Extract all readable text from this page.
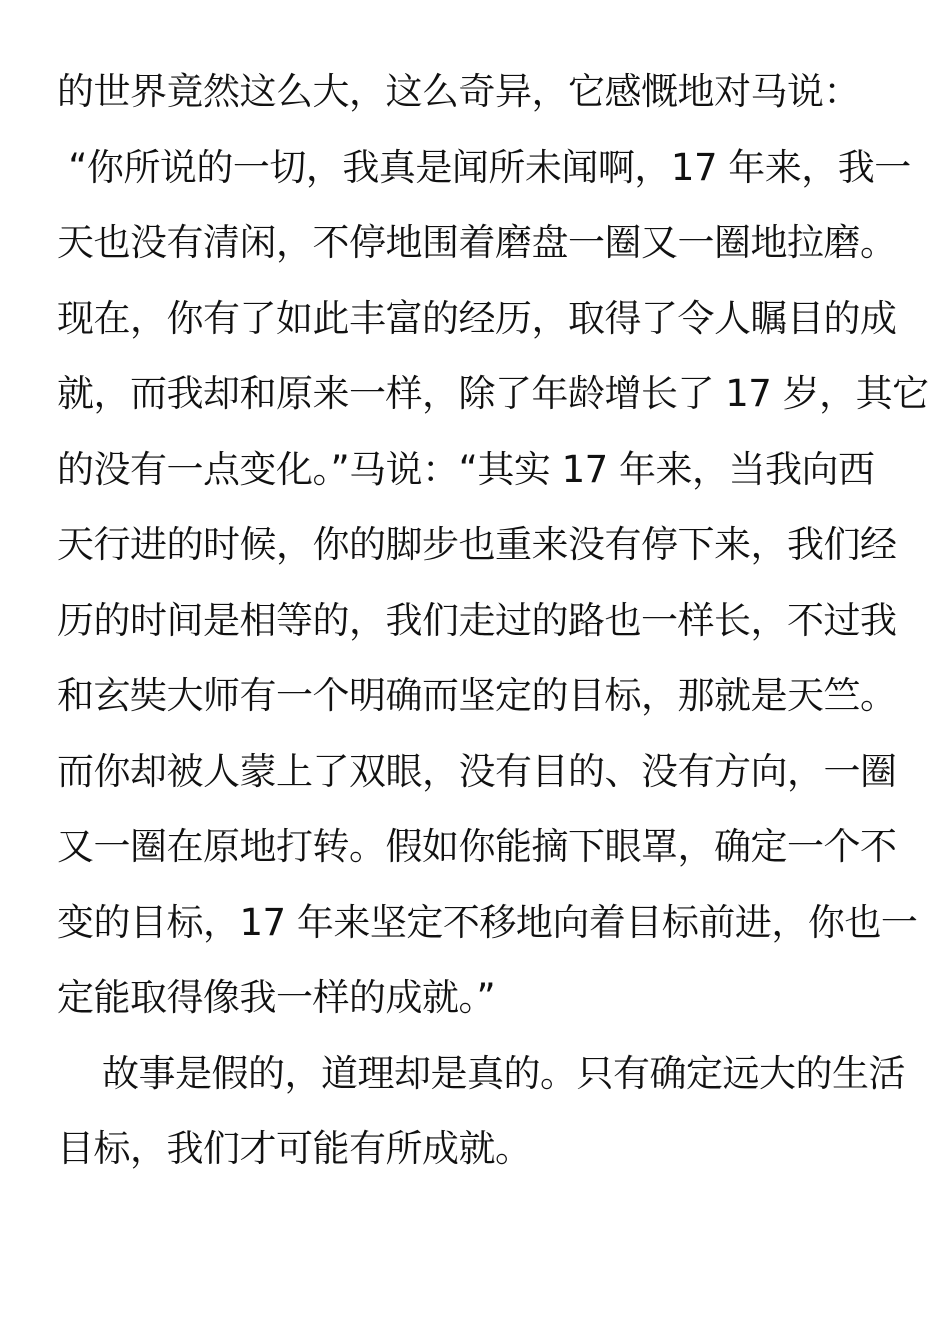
的世界竟然这么大，这么奇异，它感慨地对马说：
“你所说的一切，我真是闻所未闻啊，17 年来，我一
天也没有清闲，不停地围着磨盘一圈又一圈地拉磨。
现在，你有了如此丰富的经历，取得了令人瞩目的成
就，而我却和原来一样，除了年龄增长了 17 岁，其它
的没有一点变化。”马说：“其实 17 年来，当我向西
天行进的时候，你的脚步也重来没有停下来，我们经
历的时间是相等的，我们走过的路也一样长，不过我
和玄奘大师有一个明确而坚定的目标，那就是天竺。
而你却被人蒙上了双眼，没有目的、没有方向，一圈
又一圈在原地打转。假如你能摘下眼罩，确定一个不
变的目标，17 年来坚定不移地向着目标前进，你也一
定能取得像我一样的成就。”
故事是假的，道理却是真的。只有确定远大的生活
目标，我们才可能有所成就。
